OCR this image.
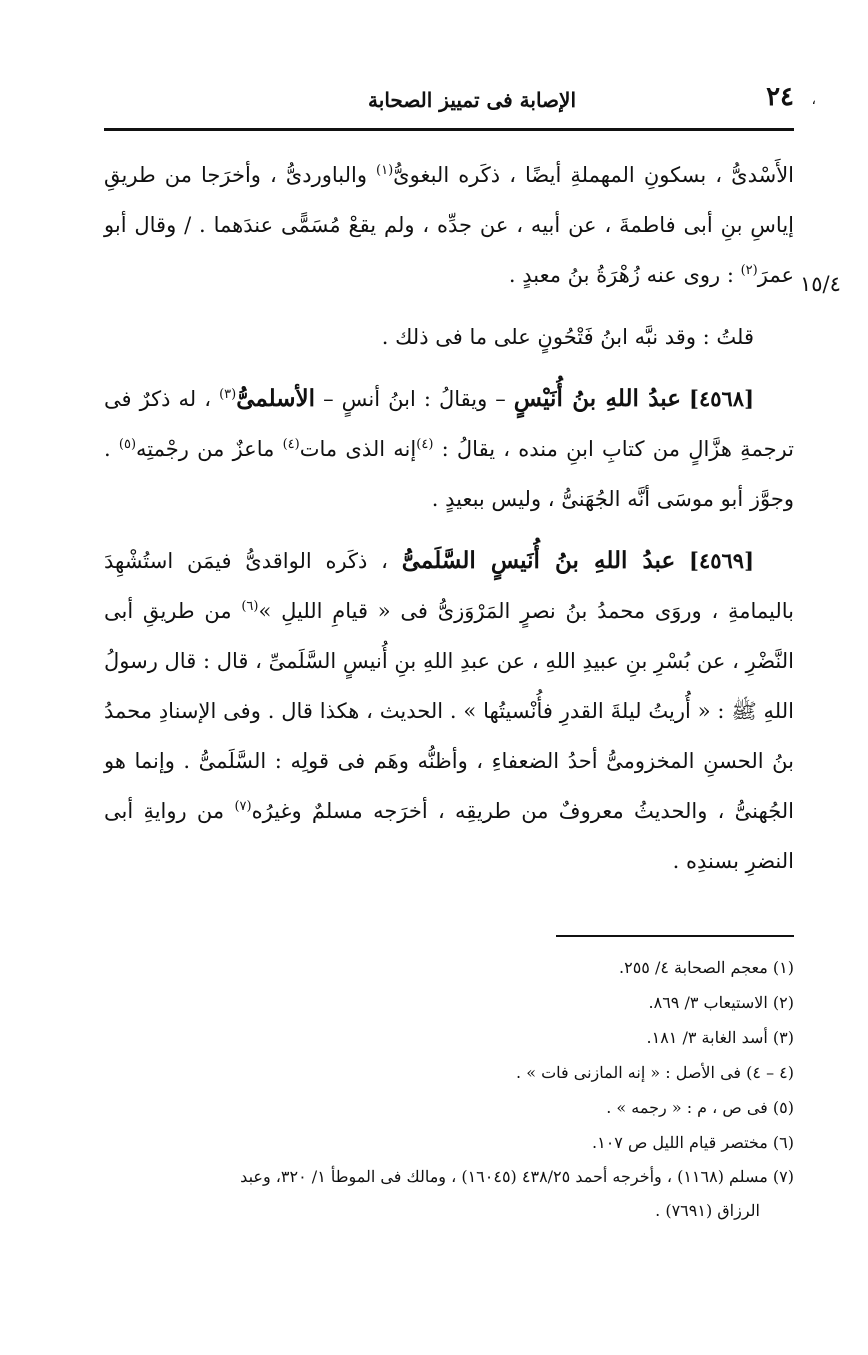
،
٢٤
الإصابة فى تمييز الصحابة
١٥/٤

الأَسْدىُّ ، بسكونِ المهملةِ أيضًا ، ذكَره البغوىُّ$^{(١)}$ والباوردىُّ ، وأخرَجا من طريقِ إياسِ بنِ أبى فاطمةَ ، عن أبيه ، عن جدِّه ، ولم يقعْ مُسَمًّى عندَهما . / وقال أبو عمرَ$^{(٢)}$ : روى عنه زُهْرَةُ بنُ معبدٍ .

قلتُ : وقد نبَّه ابنُ فَتْحُونٍ على ما فى ذلك .

[٤٥٦٨] عبدُ اللهِ بنُ أُنَيْسٍ – ويقالُ : ابنُ أنسٍ – الأسلمىُّ$^{(٣)}$ ، له ذكرٌ فى ترجمةِ هزَّالٍ من كتابِ ابنِ منده ، يقالُ : $^{(٤)}$إنه الذى مات$^{(٤)}$ ماعزٌ من رجْمتِه$^{(٥)}$ . وجوَّز أبو موسَى أنَّه الجُهَنىُّ ، وليس ببعيدٍ .

[٤٥٦٩] عبدُ اللهِ بنُ أُنَيسٍ السَّلَمىُّ ، ذكَره الواقدىُّ فيمَن استُشْهِدَ باليمامةِ ، وروَى محمدُ بنُ نصرٍ المَرْوَزىُّ فى « قيامِ الليلِ »$^{(٦)}$ من طريقِ أبى النَّضْرِ ، عن بُسْرِ بنِ عبيدِ اللهِ ، عن عبدِ اللهِ بنِ أُنيسٍ السَّلَمىِّ ، قال : قال رسولُ اللهِ ﷺ : « أُريتُ ليلةَ القدرِ فأُنْسيتُها » . الحديث ، هكذا قال . وفى الإسنادِ محمدُ بنُ الحسنِ المخزومىُّ أحدُ الضعفاءِ ، وأظنُّه وهَم فى قولِه : السَّلَمىُّ . وإنما هو الجُهنىُّ ، والحديثُ معروفٌ من طريقِه ، أخرَجه مسلمٌ وغيرُه$^{(٧)}$ من روايةِ أبى النضرِ بسندِه .

(١) معجم الصحابة ٤/ ٢٥٥.
(٢) الاستيعاب ٣/ ٨٦٩.
(٣) أسد الغابة ٣/ ١٨١.
(٤ – ٤) فى الأصل : « إنه المازنى فات » .
(٥) فى ص ، م : « رجمه » .
(٦) مختصر قيام الليل ص ١٠٧.
(٧) مسلم (١١٦٨) ، وأخرجه أحمد ٤٣٨/٢٥ (١٦٠٤٥) ، ومالك فى الموطأ ١/ ٣٢٠، وعبد
الرزاق (٧٦٩١) .
